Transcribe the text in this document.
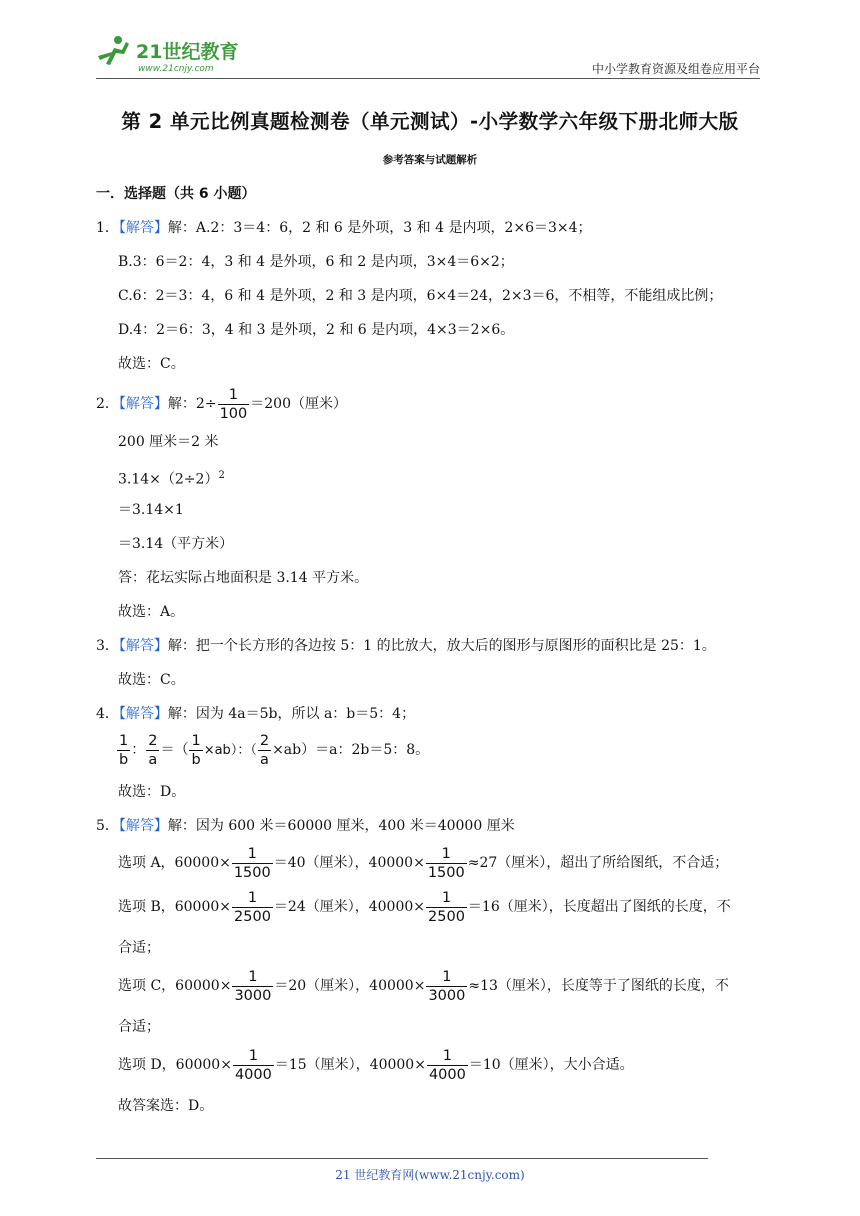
21世纪教育
www.21cnjy.com	中小学教育资源及组卷应用平台
第 2 单元比例真题检测卷（单元测试）-小学数学六年级下册北师大版
参考答案与试题解析
一．选择题（共 6 小题）
1．【解答】解：A.2：3＝4：6，2 和 6 是外项，3 和 4 是内项，2×6＝3×4；
B.3：6＝2：4，3 和 4 是外项，6 和 2 是内项，3×4＝6×2；
C.6：2＝3：4，6 和 4 是外项，2 和 3 是内项，6×4＝24，2×3＝6，不相等，不能组成比例；
D.4：2＝6：3，4 和 3 是外项，2 和 6 是内项，4×3＝2×6。
故选：C。
2．【解答】解：$2\div \frac{1}{100} =200$（厘米）
200 厘米＝2 米
$3.14\times(2\div 2)^2$
＝3.14×1
＝3.14（平方米）
答：花坛实际占地面积是 3.14 平方米。
故选：A。
3．【解答】解：把一个长方形的各边按 5：1 的比放大，放大后的图形与原图形的面积比是 25：1。
故选：C。
4．【解答】解：因为 4a＝5b，所以 a：b＝5：4；
$\frac{1}{b}$ ： $\frac{2}{a}$ ＝（ $\frac{1}{b} \times ab$）：（ $\frac{2}{a} \times ab)=a$：2b＝5：8。
故选：D。
5．【解答】解：因为 600 米＝60000 厘米，400 米＝40000 厘米
选项 A，$60000\times \frac{1}{1500} =40$（厘米），$40000\times \frac{1}{1500} \approx 27$（厘米），超出了所给图纸，不合适；
选项 B，$60000\times \frac{1}{2500} =24$（厘米），$40000\times \frac{1}{2500} =16$（厘米），长度超出了图纸的长度，不
合适；
选项 C，$60000\times \frac{1}{3000} =20$（厘米），$40000\times \frac{1}{3000} \approx 13$（厘米），长度等于了图纸的长度，不
合适；
选项 D，$60000\times \frac{1}{4000} =15$（厘米），$40000\times \frac{1}{4000} =10$（厘米），大小合适。
故答案选：D。
21 世纪教育网(www.21cnjy.com)
